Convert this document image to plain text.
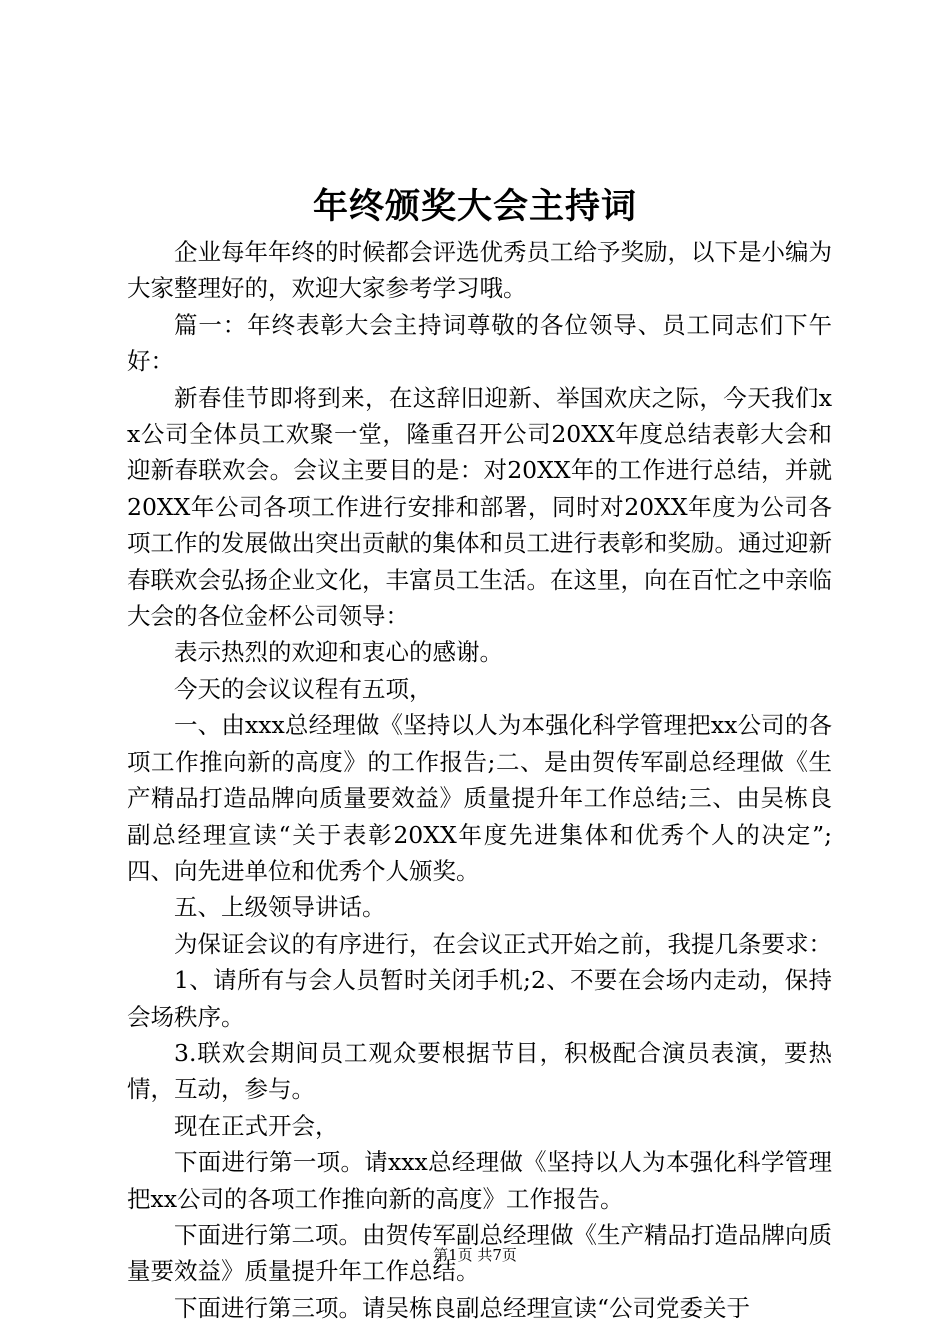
年终颁奖大会主持词

企业每年年终的时候都会评选优秀员工给予奖励，以下是小编为大家整理好的，欢迎大家参考学习哦。

篇一：年终表彰大会主持词尊敬的各位领导、员工同志们下午好：

新春佳节即将到来，在这辞旧迎新、举国欢庆之际，今天我们xx公司全体员工欢聚一堂，隆重召开公司20XX年度总结表彰大会和迎新春联欢会。会议主要目的是：对20XX年的工作进行总结，并就20XX年公司各项工作进行安排和部署，同时对20XX年度为公司各项工作的发展做出突出贡献的集体和员工进行表彰和奖励。通过迎新春联欢会弘扬企业文化，丰富员工生活。在这里，向在百忙之中亲临大会的各位金杯公司领导：

表示热烈的欢迎和衷心的感谢。

今天的会议议程有五项，

一、由xxx总经理做《坚持以人为本强化科学管理把xx公司的各项工作推向新的高度》的工作报告;二、是由贺传军副总经理做《生产精品打造品牌向质量要效益》质量提升年工作总结;三、由吴栋良副总经理宣读“关于表彰20XX年度先进集体和优秀个人的决定”;四、向先进单位和优秀个人颁奖。

五、上级领导讲话。

为保证会议的有序进行，在会议正式开始之前，我提几条要求：

1、请所有与会人员暂时关闭手机;2、不要在会场内走动，保持会场秩序。

3.联欢会期间员工观众要根据节目，积极配合演员表演，要热情，互动，参与。

现在正式开会，

下面进行第一项。请xxx总经理做《坚持以人为本强化科学管理把xx公司的各项工作推向新的高度》工作报告。

下面进行第二项。由贺传军副总经理做《生产精品打造品牌向质量要效益》质量提升年工作总结。

下面进行第三项。请吴栋良副总经理宣读“公司党委关于

第1页 共7页
